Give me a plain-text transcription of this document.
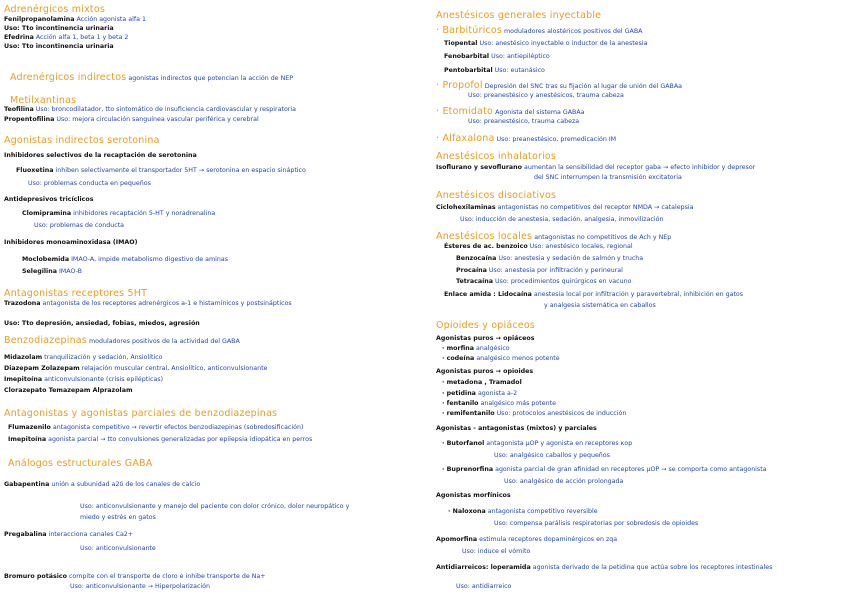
Adrenérgicos mixtos
Fenilpropanolamina Acción agonista alfa 1
Uso: Tto incontinencia urinaria
Efedrina Acción alfa 1, beta 1 y beta 2
Uso: Tto incontinencia urinaria
Adrenérgicos indirectos agonistas indirectos que potencian la acción de NEP
Metilxantinas
Teofilina Uso: broncodilatador, tto sintomático de insuficiencia cardiovascular y respiratoria
Propentofilina Uso: mejora circulación sanguínea vascular periférica y cerebral
Agonistas indirectos serotonina
Inhibidores selectivos de la recaptación de serotonina
Fluoxetina inhiben selectivamente el transportador 5HT → serotonina en espacio sináptico
Uso: problemas conducta en pequeños
Antidepresivos tricíclicos
Clomipramina inhibidores recaptación 5-HT y noradrenalina
Uso: problemas de conducta
Inhibidores monoaminoxidasa (IMAO)
Moclobemida IMAO-A, impide metabolismo digestivo de aminas
Selegilina IMAO-B
Antagonistas receptores 5HT
Trazodona antagonista de los receptores adrenérgicos a-1 e histamínicos y postsinápticos
Uso: Tto depresión, ansiedad, fobias, miedos, agresión
Benzodiazepinas moduladores positivos de la actividad del GABA
Midazolam tranquilización y sedación, Ansiolítico
Diazepam Zolazepam relajación muscular central, Ansiolítico, anticonvulsionante
Imepitoína anticonvulsionante (crisis epilépticas)
Clorazepato Temazepam Alprazolam
Antagonistas y agonistas parciales de benzodiazepinas
Flumazenilo antagonista competitivo → revertir efectos benzodiazepinas (sobredosificación)
Imepitoína agonista parcial → tto convulsiones generalizadas por epilepsia idiopática en perros
Análogos estructurales GABA
Gabapentina unión a subunidad a2δ de los canales de calcio
Uso: anticonvulsionante y manejo del paciente con dolor crónico, dolor neuropático y
miedo y estrés en gatos
Pregabalina interacciona canales Ca2+
Uso: anticonvulsionante
Bromuro potásico compite con el transporte de cloro e inhibe transporte de Na+
Uso: anticonvulsionante → Hiperpolarización
Anestésicos generales inyectable
· Barbitúricos moduladores alostéricos positivos del GABA
Tiopental Uso: anestésico inyectable o inductor de la anestesia
Fenobarbital Uso: antiepiléptico
Pentobarbital Uso: eutanásico
· Propofol Depresión del SNC tras su fijación al lugar de unión del GABAa
Uso: preanestésico y anestésicos, trauma cabeza
· Etomidato Agonista del sistema GABAa
Uso: preanestésico, trauma cabeza
· Alfaxalona Uso: preanestésico, premedicación IM
Anestésicos inhalatorios
Isoflurano y sevoflurano aumentan la sensibilidad del receptor gaba → efecto inhibidor y depresor
del SNC interrumpen la transmisión excitatoria
Anestésicos disociativos
Ciclohexilaminas antagonistas no competitivos del receptor NMDA → catalepsia
Uso: inducción de anestesia, sedación, analgesia, inmovilización
Anestésicos locales antagonistas no competitivos de Ach y NEp
Ésteres de ac. benzoico Uso: anestésico locales, regional
Benzocaína Uso: anestesia y sedación de salmón y trucha
Procaína Uso: anestesia por infiltración y perineural
Tetracaína Uso: procedimientos quirúrgicos en vacuno
Enlace amida : Lidocaína anestesia local por infiltración y paravertebral, inhibición en gatos
y analgesia sistemática en caballos
Opioides y opiáceos
Agonistas puros → opiáceos
· morfina analgésico
· codeína analgésico menos potente
Agonistas puros → opioides
· metadona , Tramadol
· petidina agonista a-2
· fentanilo analgésico más potente
· remifentanilo Uso: protocolos anestésicos de inducción
Agonistas - antagonistas (mixtos) y parciales
· Butorfanol antagonista μOP y agonista en receptores κop
Uso: analgésico caballos y pequeños
· Buprenorfina agonista parcial de gran afinidad en receptores μOP → se comporta como antagonista
Uso: analgésico de acción prolongada
Agonistas morfínicos
· Naloxona antagonista competitivo reversible
Uso: compensa parálisis respiratorias por sobredosis de opioides
Apomorfina estimula receptores dopaminérgicos en zqa
Uso: induce el vómito
Antidiarreicos: loperamida agonista derivado de la petidina que actúa sobre los receptores intestinales
Uso: antidiarreico
